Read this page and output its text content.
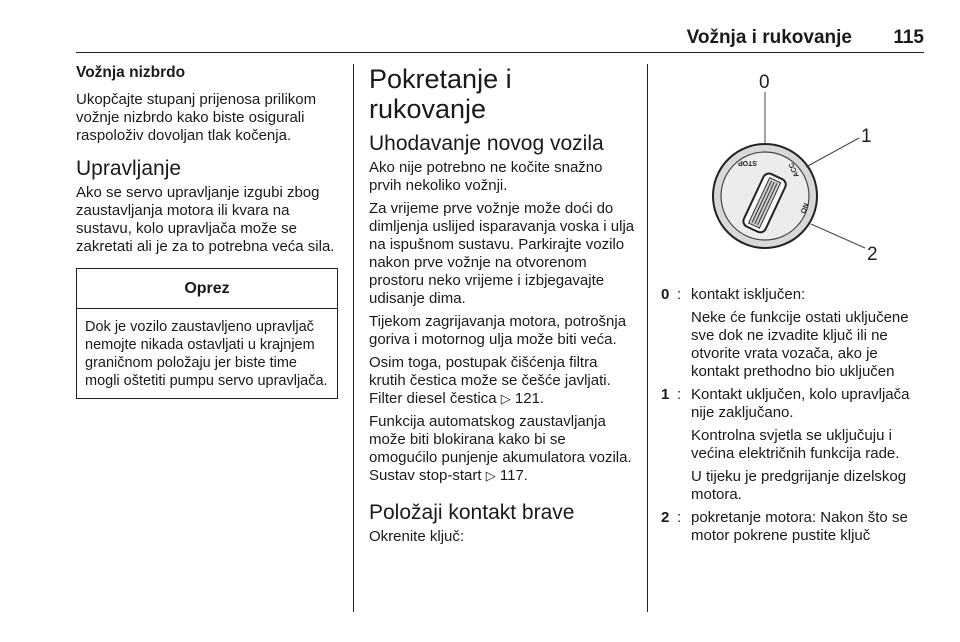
Vožnja i rukovanje 115
Vožnja nizbrdo

Ukopčajte stupanj prijenosa prilikom vožnje nizbrdo kako biste osigurali raspoloživ dovoljan tlak kočenja.

Upravljanje

Ako se servo upravljanje izgubi zbog zaustavljanja motora ili kvara na sustavu, kolo upravljača može se zakretati ali je za to potrebna veća sila.

Oprez
Dok je vozilo zaustavljeno upravljač nemojte nikada ostavljati u krajnjem graničnom položaju jer biste time mogli oštetiti pumpu servo upravljača.
Pokretanje i rukovanje
Uhodavanje novog vozila

Ako nije potrebno ne kočite snažno prvih nekoliko vožnji.

Za vrijeme prve vožnje može doći do dimljenja uslijed isparavanja voska i ulja na ispušnom sustavu. Parkirajte vozilo nakon prve vožnje na otvorenom prostoru neko vrijeme i izbjegavajte udisanje dima.

Tijekom zagrijavanja motora, potrošnja goriva i motornog ulja može biti veća.

Osim toga, postupak čišćenja filtra krutih čestica može se češće javljati. Filter diesel čestica ▷ 121.

Funkcija automatskog zaustavljanja može biti blokirana kako bi se omogućilo punjenje akumulatora vozila. Sustav stop-start ▷ 117.

Položaji kontakt brave

Okrenite ključ:

STOP	ACC
ON
0
1
2
0 : kontakt isključen:

Neke će funkcije ostati uključene sve dok ne izvadite ključ ili ne otvorite vrata vozača, ako je kontakt prethodno bio uključen

1 : Kontakt uključen, kolo upravljača nije zaključano.

Kontrolna svjetla se uključuju i većina električnih funkcija rade.

U tijeku je predgrijanje dizelskog motora.

2 : pokretanje motora: Nakon što se motor pokrene pustite ključ
